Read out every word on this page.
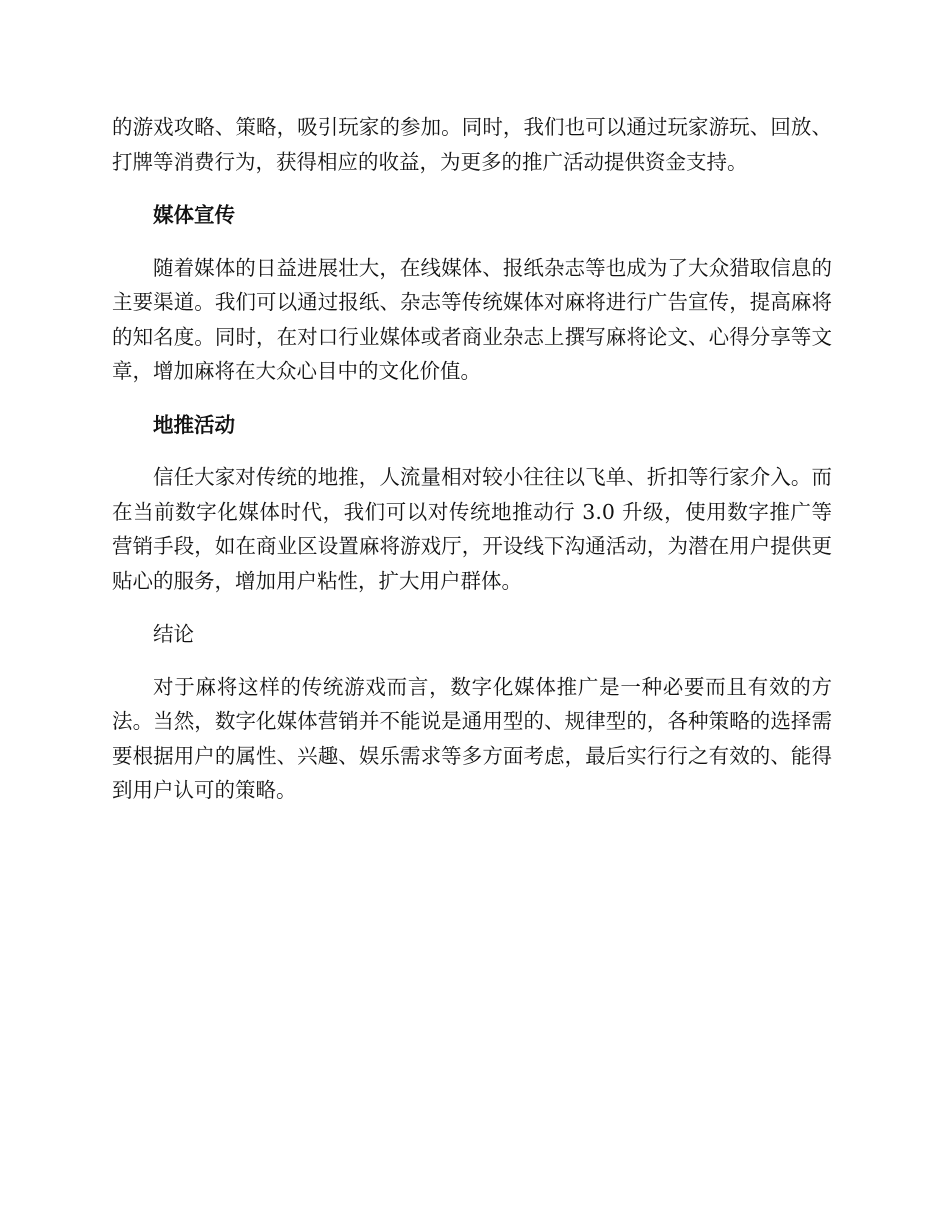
的游戏攻略、策略，吸引玩家的参加。同时，我们也可以通过玩家游玩、回放、打牌等消费行为，获得相应的收益，为更多的推广活动提供资金支持。

媒体宣传

随着媒体的日益进展壮大，在线媒体、报纸杂志等也成为了大众猎取信息的主要渠道。我们可以通过报纸、杂志等传统媒体对麻将进行广告宣传，提高麻将的知名度。同时，在对口行业媒体或者商业杂志上撰写麻将论文、心得分享等文章，增加麻将在大众心目中的文化价值。

地推活动

信任大家对传统的地推，人流量相对较小往往以飞单、折扣等行家介入。而在当前数字化媒体时代，我们可以对传统地推动行 3.0 升级，使用数字推广等营销手段，如在商业区设置麻将游戏厅，开设线下沟通活动，为潜在用户提供更贴心的服务，增加用户粘性，扩大用户群体。

结论

对于麻将这样的传统游戏而言，数字化媒体推广是一种必要而且有效的方法。当然，数字化媒体营销并不能说是通用型的、规律型的，各种策略的选择需要根据用户的属性、兴趣、娱乐需求等多方面考虑，最后实行行之有效的、能得到用户认可的策略。
